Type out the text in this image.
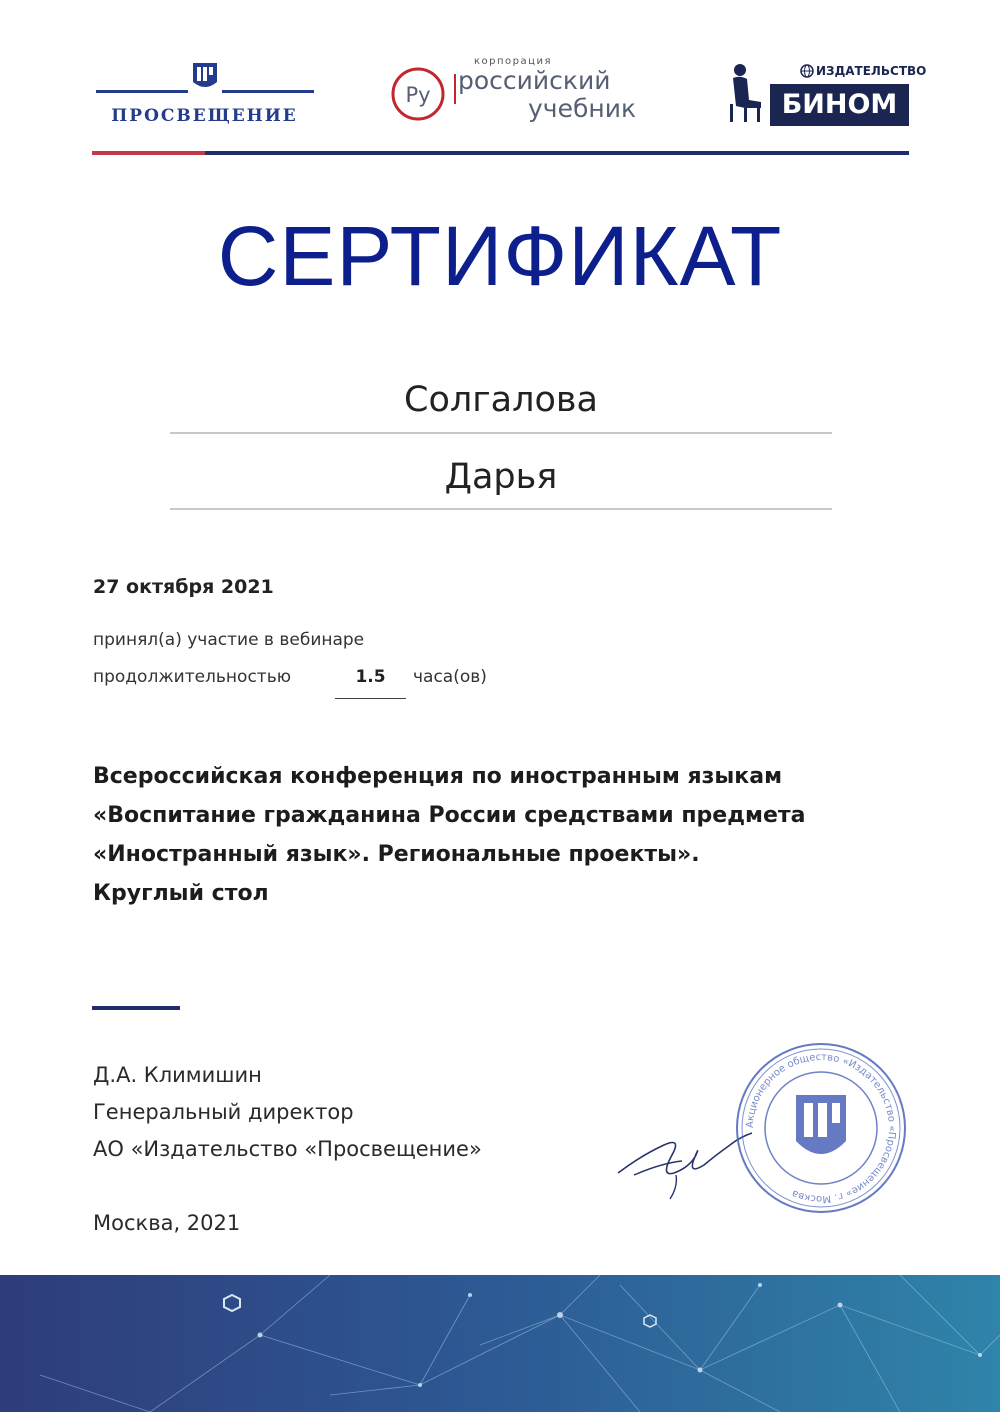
ПРОСВЕЩЕНИЕ
Ру
корпорация
российский
учебник
ИЗДАТЕЛЬСТВО
БИНОМ
СЕРТИФИКАТ
Солгалова
Дарья
27 октября 2021
принял(а) участие в вебинаре
продолжительностью	1.5	часа(ов)
Всероссийская конференция по иностранным языкам
«Воспитание гражданина России средствами предмета
«Иностранный язык». Региональные проекты».
Круглый стол
Д.А. Климишин
Генеральный директор
АО «Издательство «Просвещение»
Москва, 2021
Акционерное общество «Издательство «Просвещение» г. Москва
